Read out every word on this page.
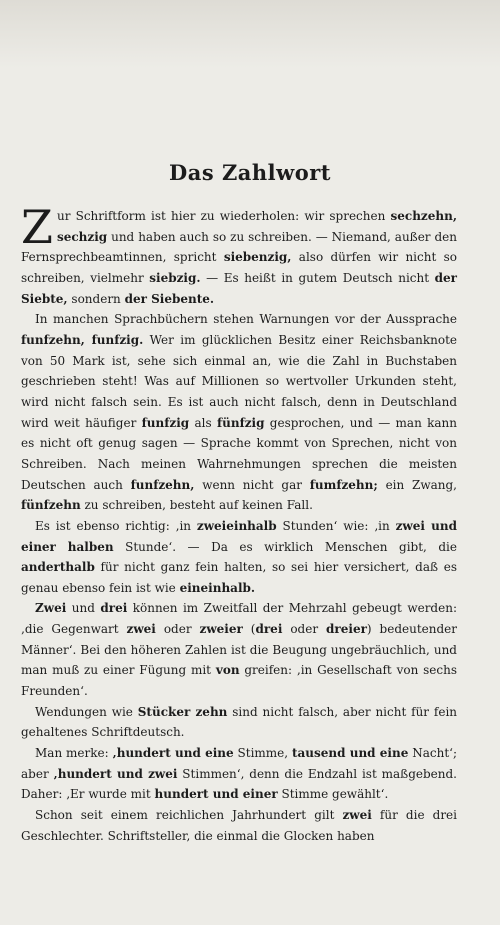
Das Zahlwort

Zur Schriftform ist hier zu wiederholen: wir sprechen sechzehn, sechzig und haben auch so zu schreiben. — Niemand, außer den Fernsprechbeamtinnen, spricht siebenzig, also dürfen wir nicht so schreiben, vielmehr siebzig. — Es heißt in gutem Deutsch nicht der Siebte, sondern der Siebente.

In manchen Sprachbüchern stehen Warnungen vor der Aussprache funfzehn, funfzig. Wer im glücklichen Besitz einer Reichsbanknote von 50 Mark ist, sehe sich einmal an, wie die Zahl in Buchstaben geschrieben steht! Was auf Millionen so wertvoller Urkunden steht, wird nicht falsch sein. Es ist auch nicht falsch, denn in Deutschland wird weit häufiger funfzig als fünfzig gesprochen, und — man kann es nicht oft genug sagen — Sprache kommt von Sprechen, nicht von Schreiben. Nach meinen Wahrnehmungen sprechen die meisten Deutschen auch funfzehn, wenn nicht gar fumfzehn; ein Zwang, fünfzehn zu schreiben, besteht auf keinen Fall.

Es ist ebenso richtig: ‚in zweieinhalb Stunden‘ wie: ‚in zwei und einer halben Stunde‘. — Da es wirklich Menschen gibt, die anderthalb für nicht ganz fein halten, so sei hier versichert, daß es genau ebenso fein ist wie eineinhalb.

Zwei und drei können im Zweitfall der Mehrzahl gebeugt werden: ‚die Gegenwart zwei oder zweier (drei oder dreier) bedeutender Männer‘. Bei den höheren Zahlen ist die Beugung ungebräuchlich, und man muß zu einer Fügung mit von greifen: ‚in Gesellschaft von sechs Freunden‘.

Wendungen wie Stücker zehn sind nicht falsch, aber nicht für fein gehaltenes Schriftdeutsch.

Man merke: ‚hundert und eine Stimme, tausend und eine Nacht‘; aber ‚hundert und zwei Stimmen‘, denn die Endzahl ist maßgebend. Daher: ‚Er wurde mit hundert und einer Stimme gewählt‘.

Schon seit einem reichlichen Jahrhundert gilt zwei für die drei Geschlechter. Schriftsteller, die einmal die Glocken haben
